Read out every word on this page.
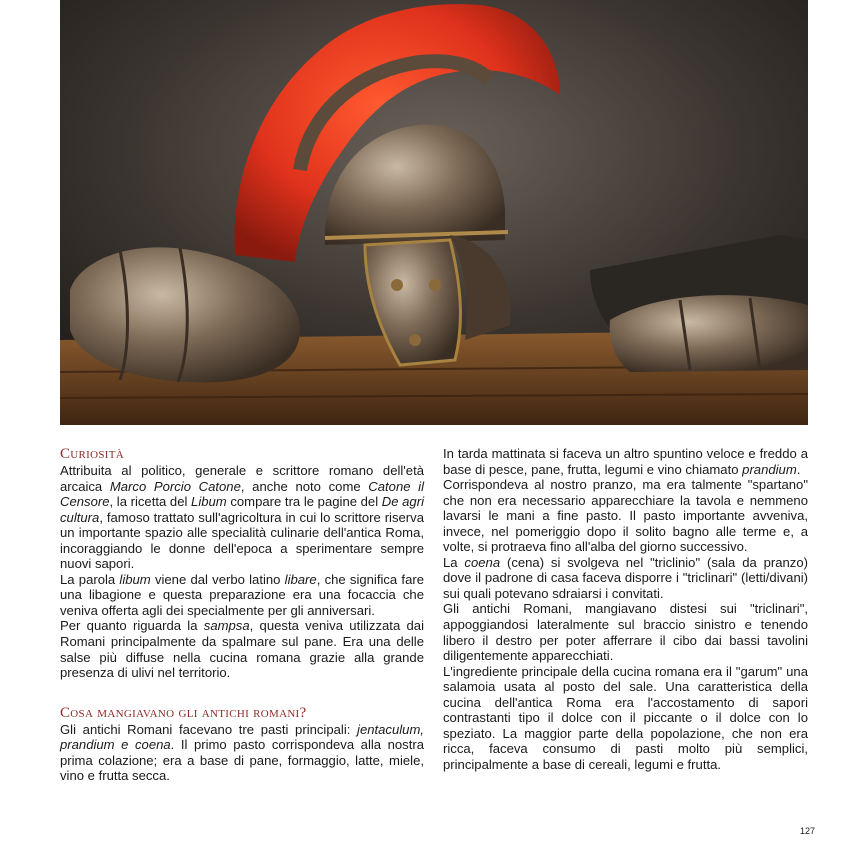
Curiosità

Attribuita al politico, generale e scrittore romano dell'età arcaica Marco Porcio Catone, anche noto come Catone il Censore, la ricetta del Libum compare tra le pagine del De agri cultura, famoso trattato sull'agricoltura in cui lo scrittore riserva un importante spazio alle specialità culinarie dell'antica Roma, incoraggiando le donne dell'epoca a sperimentare sempre nuovi sapori.

La parola libum viene dal verbo latino libare, che significa fare una libagione e questa preparazione era una focaccia che veniva offerta agli dei specialmente per gli anniversari.

Per quanto riguarda la sampsa, questa veniva utilizzata dai Romani principalmente da spalmare sul pane. Era una delle salse più diffuse nella cucina romana grazie alla grande presenza di ulivi nel territorio.

Cosa mangiavano gli antichi romani?

Gli antichi Romani facevano tre pasti principali: jentaculum, prandium e coena. Il primo pasto corrispondeva alla nostra prima colazione; era a base di pane, formaggio, latte, miele, vino e frutta secca.

In tarda mattinata si faceva un altro spuntino veloce e freddo a base di pesce, pane, frutta, legumi e vino chiamato prandium.

Corrispondeva al nostro pranzo, ma era talmente "spartano" che non era necessario apparecchiare la tavola e nemmeno lavarsi le mani a fine pasto. Il pasto importante avveniva, invece, nel pomeriggio dopo il solito bagno alle terme e, a volte, si protraeva fino all'alba del giorno successivo.

La coena (cena) si svolgeva nel "triclinio" (sala da pranzo) dove il padrone di casa faceva disporre i "triclinari" (letti/divani) sui quali potevano sdraiarsi i convitati.

Gli antichi Romani, mangiavano distesi sui "triclinari", appoggiandosi lateralmente sul braccio sinistro e tenendo libero il destro per poter afferrare il cibo dai bassi tavolini diligentemente apparecchiati.

L'ingrediente principale della cucina romana era il "garum" una salamoia usata al posto del sale. Una caratteristica della cucina dell'antica Roma era l'accostamento di sapori contrastanti tipo il dolce con il piccante o il dolce con lo speziato. La maggior parte della popolazione, che non era ricca, faceva consumo di pasti molto più semplici, principalmente a base di cereali, legumi e frutta.

127
